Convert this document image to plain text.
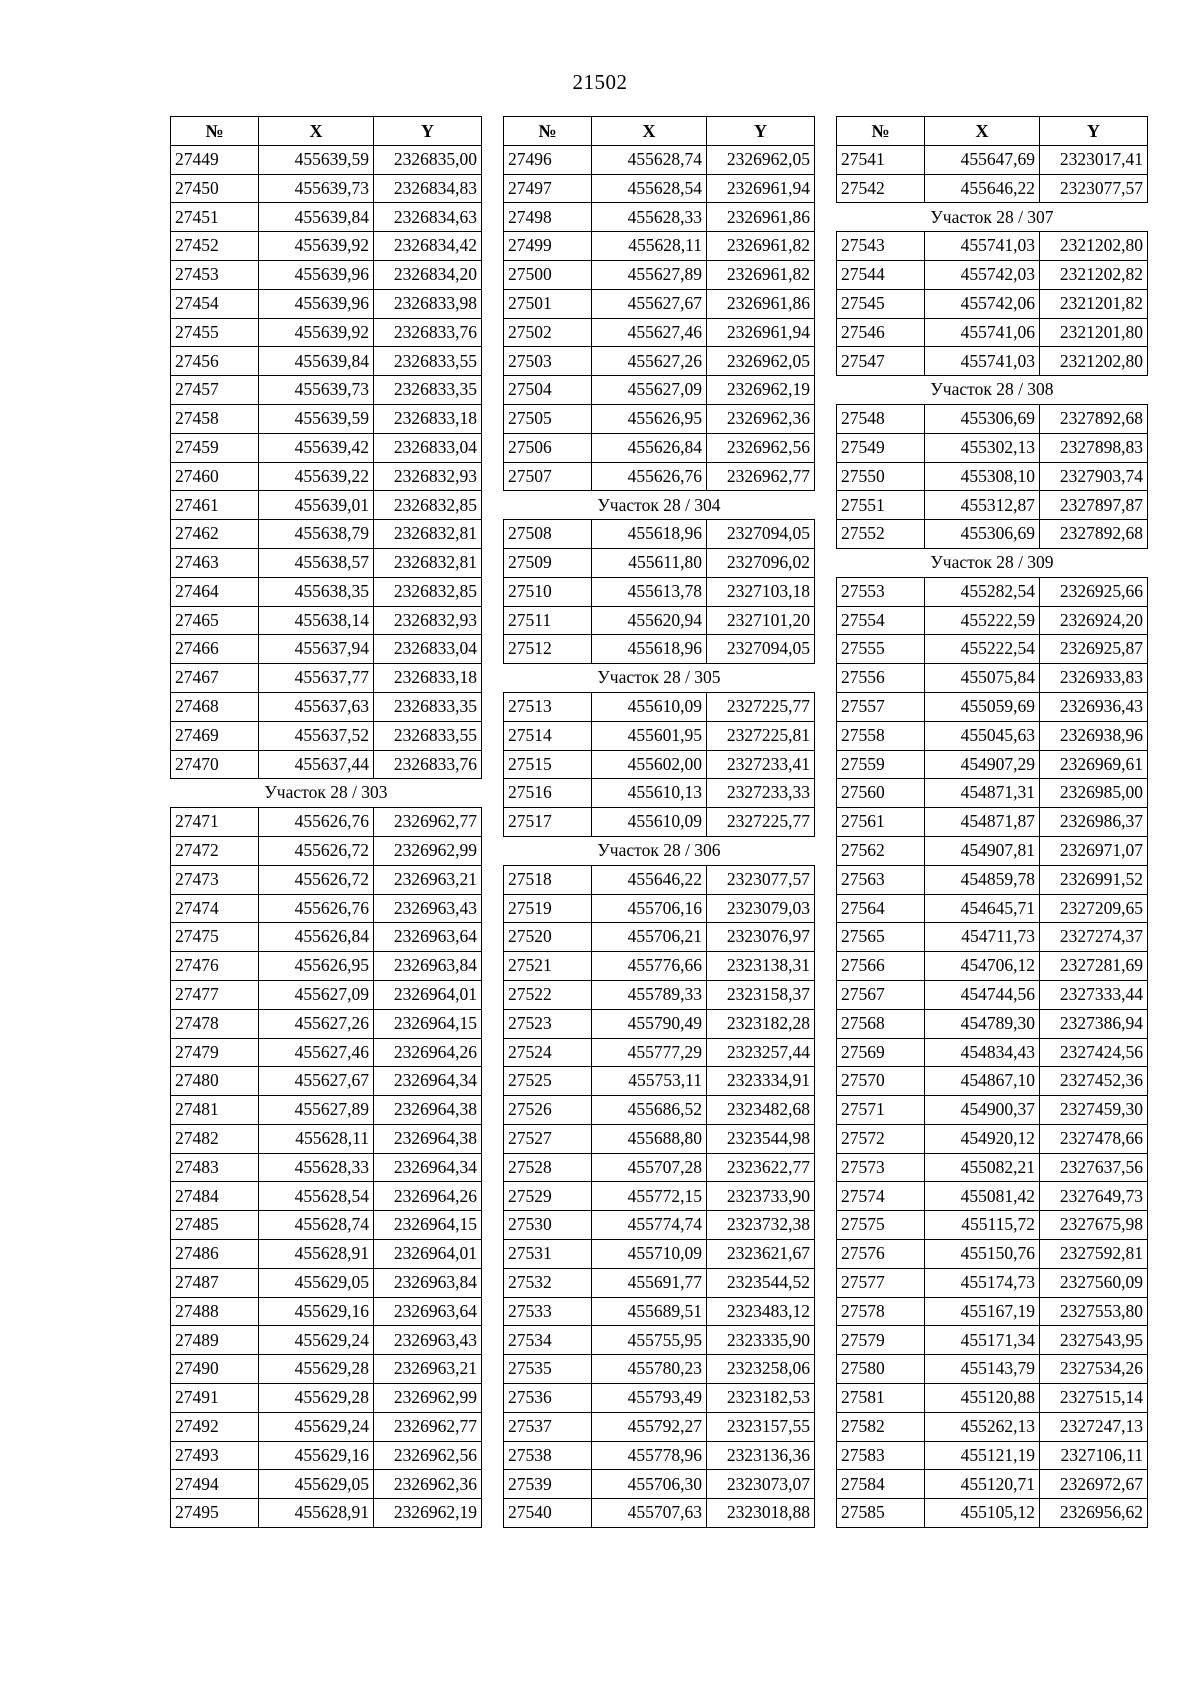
21502
№	X	Y
27449	455639,59	2326835,00
27450	455639,73	2326834,83
27451	455639,84	2326834,63
27452	455639,92	2326834,42
27453	455639,96	2326834,20
27454	455639,96	2326833,98
27455	455639,92	2326833,76
27456	455639,84	2326833,55
27457	455639,73	2326833,35
27458	455639,59	2326833,18
27459	455639,42	2326833,04
27460	455639,22	2326832,93
27461	455639,01	2326832,85
27462	455638,79	2326832,81
27463	455638,57	2326832,81
27464	455638,35	2326832,85
27465	455638,14	2326832,93
27466	455637,94	2326833,04
27467	455637,77	2326833,18
27468	455637,63	2326833,35
27469	455637,52	2326833,55
27470	455637,44	2326833,76
Участок 28 / 303		
27471	455626,76	2326962,77
27472	455626,72	2326962,99
27473	455626,72	2326963,21
27474	455626,76	2326963,43
27475	455626,84	2326963,64
27476	455626,95	2326963,84
27477	455627,09	2326964,01
27478	455627,26	2326964,15
27479	455627,46	2326964,26
27480	455627,67	2326964,34
27481	455627,89	2326964,38
27482	455628,11	2326964,38
27483	455628,33	2326964,34
27484	455628,54	2326964,26
27485	455628,74	2326964,15
27486	455628,91	2326964,01
27487	455629,05	2326963,84
27488	455629,16	2326963,64
27489	455629,24	2326963,43
27490	455629,28	2326963,21
27491	455629,28	2326962,99
27492	455629,24	2326962,77
27493	455629,16	2326962,56
27494	455629,05	2326962,36
27495	455628,91	2326962,19
№	X	Y
27496	455628,74	2326962,05
27497	455628,54	2326961,94
27498	455628,33	2326961,86
27499	455628,11	2326961,82
27500	455627,89	2326961,82
27501	455627,67	2326961,86
27502	455627,46	2326961,94
27503	455627,26	2326962,05
27504	455627,09	2326962,19
27505	455626,95	2326962,36
27506	455626,84	2326962,56
27507	455626,76	2326962,77
Участок 28 / 304		
27508	455618,96	2327094,05
27509	455611,80	2327096,02
27510	455613,78	2327103,18
27511	455620,94	2327101,20
27512	455618,96	2327094,05
Участок 28 / 305		
27513	455610,09	2327225,77
27514	455601,95	2327225,81
27515	455602,00	2327233,41
27516	455610,13	2327233,33
27517	455610,09	2327225,77
Участок 28 / 306		
27518	455646,22	2323077,57
27519	455706,16	2323079,03
27520	455706,21	2323076,97
27521	455776,66	2323138,31
27522	455789,33	2323158,37
27523	455790,49	2323182,28
27524	455777,29	2323257,44
27525	455753,11	2323334,91
27526	455686,52	2323482,68
27527	455688,80	2323544,98
27528	455707,28	2323622,77
27529	455772,15	2323733,90
27530	455774,74	2323732,38
27531	455710,09	2323621,67
27532	455691,77	2323544,52
27533	455689,51	2323483,12
27534	455755,95	2323335,90
27535	455780,23	2323258,06
27536	455793,49	2323182,53
27537	455792,27	2323157,55
27538	455778,96	2323136,36
27539	455706,30	2323073,07
27540	455707,63	2323018,88
№	X	Y
27541	455647,69	2323017,41
27542	455646,22	2323077,57
Участок 28 / 307		
27543	455741,03	2321202,80
27544	455742,03	2321202,82
27545	455742,06	2321201,82
27546	455741,06	2321201,80
27547	455741,03	2321202,80
Участок 28 / 308		
27548	455306,69	2327892,68
27549	455302,13	2327898,83
27550	455308,10	2327903,74
27551	455312,87	2327897,87
27552	455306,69	2327892,68
Участок 28 / 309		
27553	455282,54	2326925,66
27554	455222,59	2326924,20
27555	455222,54	2326925,87
27556	455075,84	2326933,83
27557	455059,69	2326936,43
27558	455045,63	2326938,96
27559	454907,29	2326969,61
27560	454871,31	2326985,00
27561	454871,87	2326986,37
27562	454907,81	2326971,07
27563	454859,78	2326991,52
27564	454645,71	2327209,65
27565	454711,73	2327274,37
27566	454706,12	2327281,69
27567	454744,56	2327333,44
27568	454789,30	2327386,94
27569	454834,43	2327424,56
27570	454867,10	2327452,36
27571	454900,37	2327459,30
27572	454920,12	2327478,66
27573	455082,21	2327637,56
27574	455081,42	2327649,73
27575	455115,72	2327675,98
27576	455150,76	2327592,81
27577	455174,73	2327560,09
27578	455167,19	2327553,80
27579	455171,34	2327543,95
27580	455143,79	2327534,26
27581	455120,88	2327515,14
27582	455262,13	2327247,13
27583	455121,19	2327106,11
27584	455120,71	2326972,67
27585	455105,12	2326956,62
